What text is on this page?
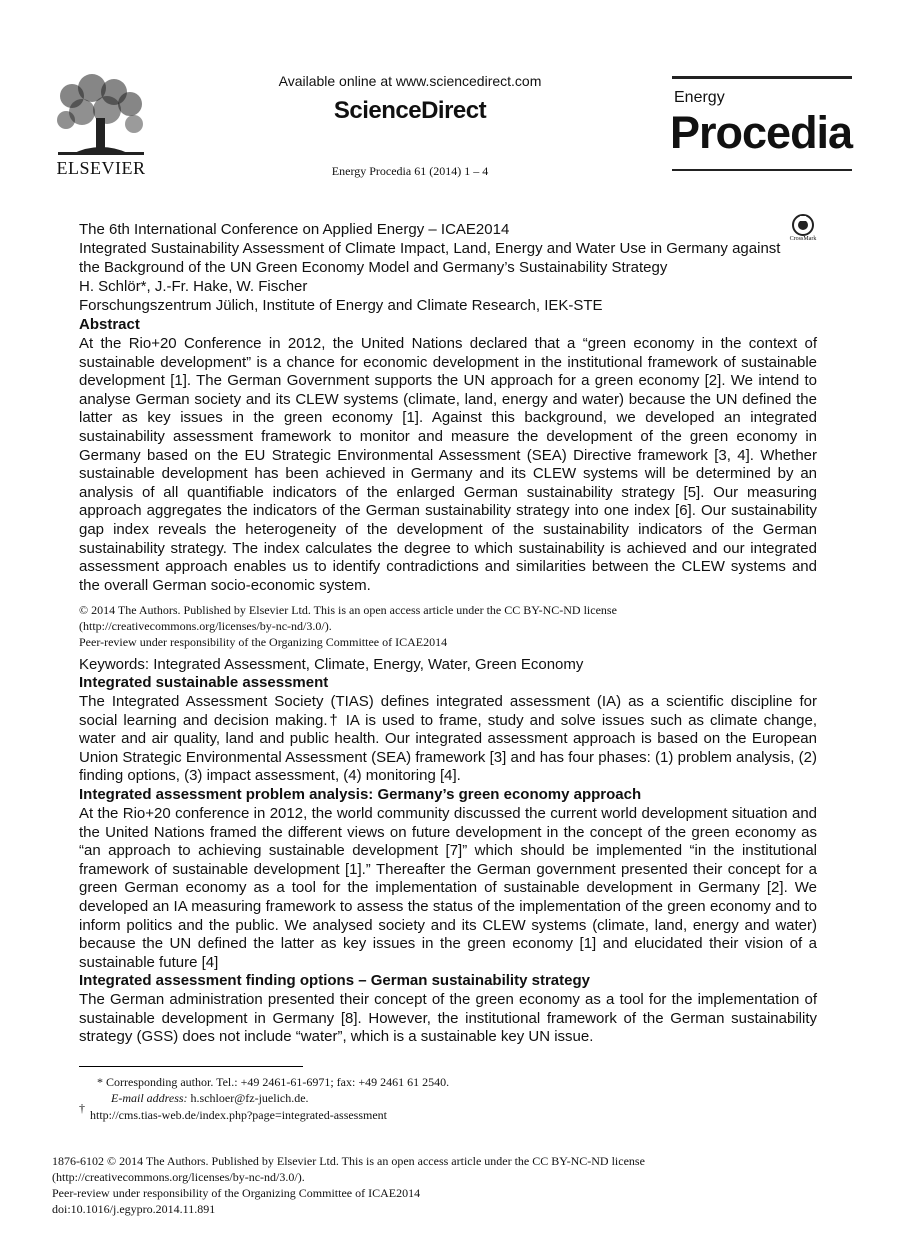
ELSEVIER
Available online at www.sciencedirect.com
ScienceDirect
Energy Procedia 61 (2014) 1 – 4
Energy
Procedia
The 6th International Conference on Applied Energy – ICAE2014
Integrated Sustainability Assessment of Climate Impact, Land, Energy and Water Use in Germany against
the Background of the UN Green Economy Model and Germany’s Sustainability Strategy
H. Schlör*, J.-Fr. Hake, W. Fischer
Forschungszentrum Jülich, Institute of Energy and Climate Research, IEK-STE
CrossMark
Abstract
At the Rio+20 Conference in 2012, the United Nations declared that a “green economy in the context of sustainable development” is a chance for economic development in the institutional framework of sustainable development [1]. The German Government supports the UN approach for a green economy [2]. We intend to analyse German society and its CLEW systems (climate, land, energy and water) because the UN defined the latter as key issues in the green economy [1]. Against this background, we developed an integrated sustainability assessment framework to monitor and measure the development of the green economy in Germany based on the EU Strategic Environmental Assessment (SEA) Directive framework [3, 4]. Whether sustainable development has been achieved in Germany and its CLEW systems will be determined by an analysis of all quantifiable indicators of the enlarged German sustainability strategy [5]. Our measuring approach aggregates the indicators of the German sustainability strategy into one index [6]. Our sustainability gap index reveals the heterogeneity of the development of the sustainability indicators of the German sustainability strategy. The index calculates the degree to which sustainability is achieved and our integrated assessment approach enables us to identify contradictions and similarities between the CLEW systems and the overall German socio-economic system.
© 2014 The Authors. Published by Elsevier Ltd. This is an open access article under the CC BY-NC-ND license
(http://creativecommons.org/licenses/by-nc-nd/3.0/).
Peer-review under responsibility of the Organizing Committee of ICAE2014
Keywords: Integrated Assessment, Climate, Energy, Water, Green Economy
Integrated sustainable assessment
The Integrated Assessment Society (TIAS) defines integrated assessment (IA) as a scientific discipline for social learning and decision making.† IA is used to frame, study and solve issues such as climate change, water and air quality, land and public health. Our integrated assessment approach is based on the European Union Strategic Environmental Assessment (SEA) framework [3] and has four phases: (1) problem analysis, (2) finding options, (3) impact assessment, (4) monitoring [4].
Integrated assessment problem analysis: Germany’s green economy approach
At the Rio+20 conference in 2012, the world community discussed the current world development situation and the United Nations framed the different views on future development in the concept of the green economy as “an approach to achieving sustainable development [7]” which should be implemented “in the institutional framework of sustainable development [1].” Thereafter the German government presented their concept for a green German economy as a tool for the implementation of sustainable development in Germany [2]. We developed an IA measuring framework to assess the status of the implementation of the green economy and to inform politics and the public. We analysed society and its CLEW systems (climate, land, energy and water) because the UN defined the latter as key issues in the green economy [1] and elucidated their vision of a sustainable future [4]
Integrated assessment finding options – German sustainability strategy
The German administration presented their concept of the green economy as a tool for the implementation of sustainable development in Germany [8]. However, the institutional framework of the German sustainability strategy (GSS) does not include “water”, which is a sustainable key UN issue.
* Corresponding author. Tel.: +49 2461-61-6971; fax: +49 2461 61 2540.
E-mail address: h.schloer@fz-juelich.de.
† http://cms.tias-web.de/index.php?page=integrated-assessment
1876-6102 © 2014 The Authors. Published by Elsevier Ltd. This is an open access article under the CC BY-NC-ND license
(http://creativecommons.org/licenses/by-nc-nd/3.0/).
Peer-review under responsibility of the Organizing Committee of ICAE2014
doi:10.1016/j.egypro.2014.11.891
